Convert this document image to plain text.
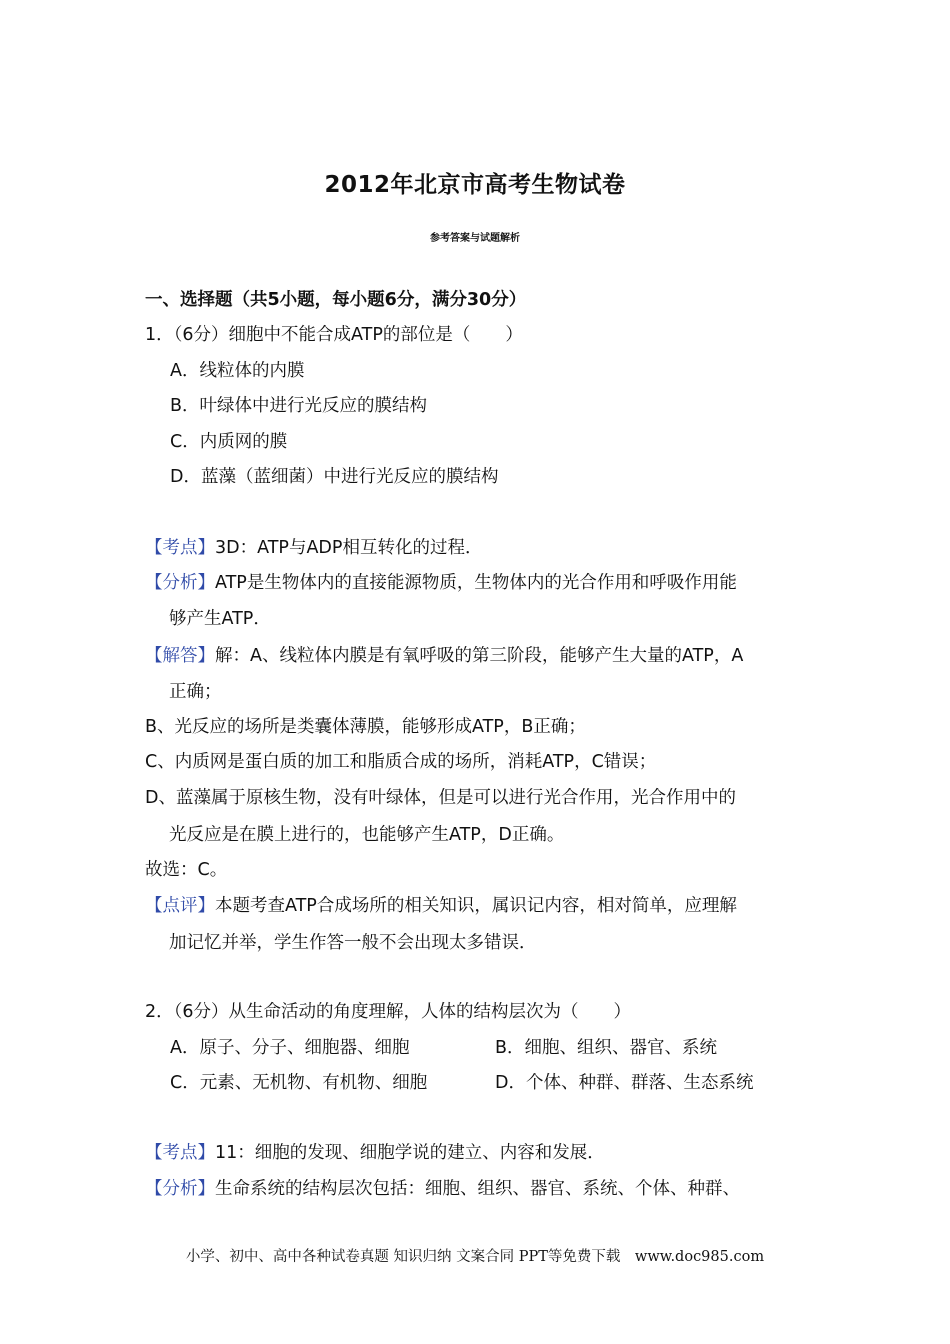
2012年北京市高考生物试卷
参考答案与试题解析
一、选择题（共5小题，每小题6分，满分30分）
1．（6分）细胞中不能合成ATP的部位是（　　）
A．线粒体的内膜
B．叶绿体中进行光反应的膜结构
C．内质网的膜
D．蓝藻（蓝细菌）中进行光反应的膜结构
【考点】3D：ATP与ADP相互转化的过程．
【分析】ATP是生物体内的直接能源物质，生物体内的光合作用和呼吸作用能
够产生ATP．
【解答】解：A、线粒体内膜是有氧呼吸的第三阶段，能够产生大量的ATP，A
正确；
B、光反应的场所是类囊体薄膜，能够形成ATP，B正确；
C、内质网是蛋白质的加工和脂质合成的场所，消耗ATP，C错误；
D、蓝藻属于原核生物，没有叶绿体，但是可以进行光合作用，光合作用中的
光反应是在膜上进行的，也能够产生ATP，D正确。
故选：C。
【点评】本题考查ATP合成场所的相关知识，属识记内容，相对简单，应理解
加记忆并举，学生作答一般不会出现太多错误．
2．（6分）从生命活动的角度理解，人体的结构层次为（　　）
A．原子、分子、细胞器、细胞	B．细胞、组织、器官、系统
C．元素、无机物、有机物、细胞	D．个体、种群、群落、生态系统
【考点】11：细胞的发现、细胞学说的建立、内容和发展．
【分析】生命系统的结构层次包括：细胞、组织、器官、系统、个体、种群、
小学、初中、高中各种试卷真题 知识归纳 文案合同 PPT等免费下载　www.doc985.com
